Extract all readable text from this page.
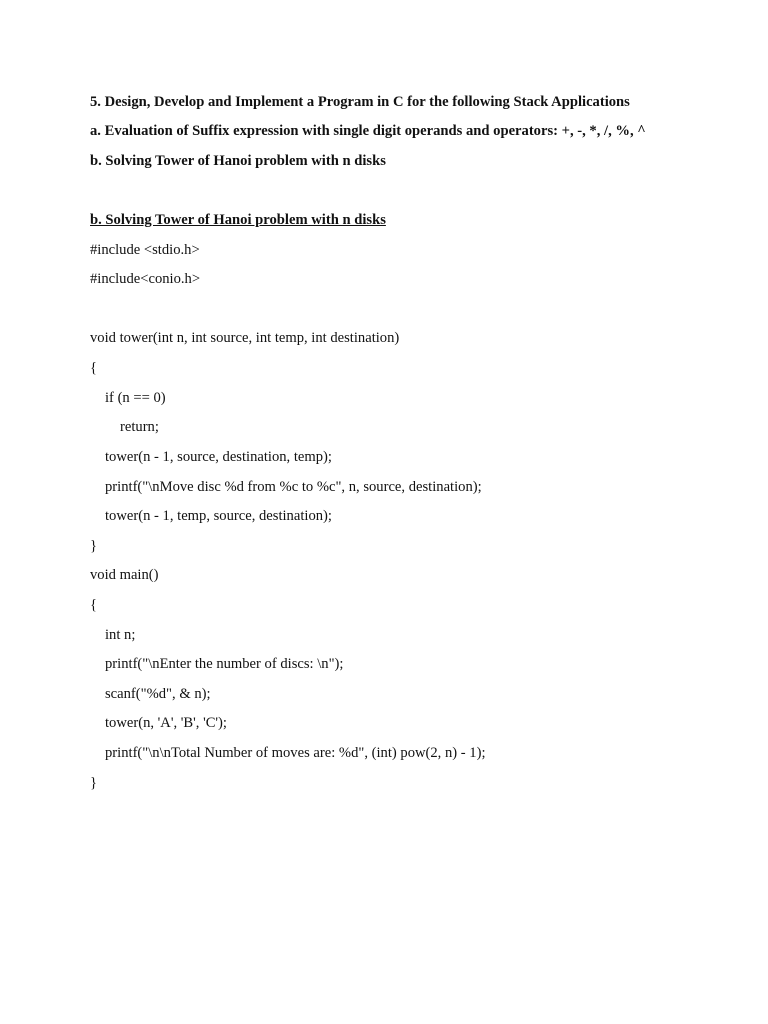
5. Design, Develop and Implement a Program in C for the following Stack Applications
a. Evaluation of Suffix expression with single digit operands and operators: +, -, *, /, %, ^
b. Solving Tower of Hanoi problem with n disks
b. Solving Tower of Hanoi problem with n disks
#include <stdio.h>
#include<conio.h>
void tower(int n, int source, int temp, int destination)
{
if (n == 0)
return;
tower(n - 1, source, destination, temp);
printf("\nMove disc %d from %c to %c", n, source, destination);
tower(n - 1, temp, source, destination);
}
void main()
{
int n;
printf("\nEnter the number of discs: \n");
scanf("%d", & n);
tower(n, 'A', 'B', 'C');
printf("\n\nTotal Number of moves are: %d", (int) pow(2, n) - 1);
}
